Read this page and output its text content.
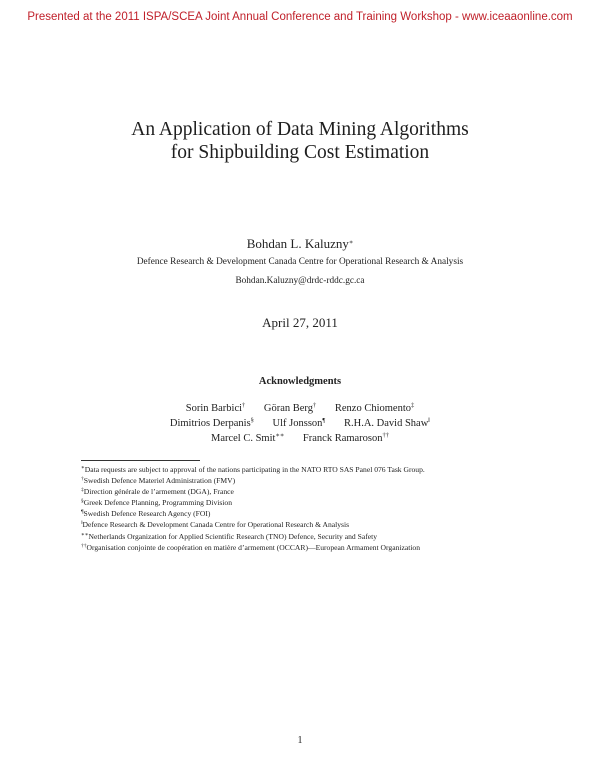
Presented at the 2011 ISPA/SCEA Joint Annual Conference and Training Workshop - www.iceaaonline.com
An Application of Data Mining Algorithms
for Shipbuilding Cost Estimation
Bohdan L. Kaluzny∗
Defence Research & Development Canada Centre for Operational Research & Analysis
Bohdan.Kaluzny@drdc-rddc.gc.ca
April 27, 2011
Acknowledgments
Sorin Barbici† Göran Berg† Renzo Chiomento‡
Dimitrios Derpanis§ Ulf Jonsson¶ R.H.A. David Shaw‖
Marcel C. Smit∗∗ Franck Ramaroson††
∗Data requests are subject to approval of the nations participating in the NATO RTO SAS Panel 076 Task Group.
†Swedish Defence Materiel Administration (FMV)
‡Direction générale de l’armement (DGA), France
§Greek Defence Planning, Programming Division
¶Swedish Defence Research Agency (FOI)
‖Defence Research & Development Canada Centre for Operational Research & Analysis
∗∗Netherlands Organization for Applied Scientific Research (TNO) Defence, Security and Safety
††Organisation conjointe de coopération en matière d’armement (OCCAR)—European Armament Organization
1
